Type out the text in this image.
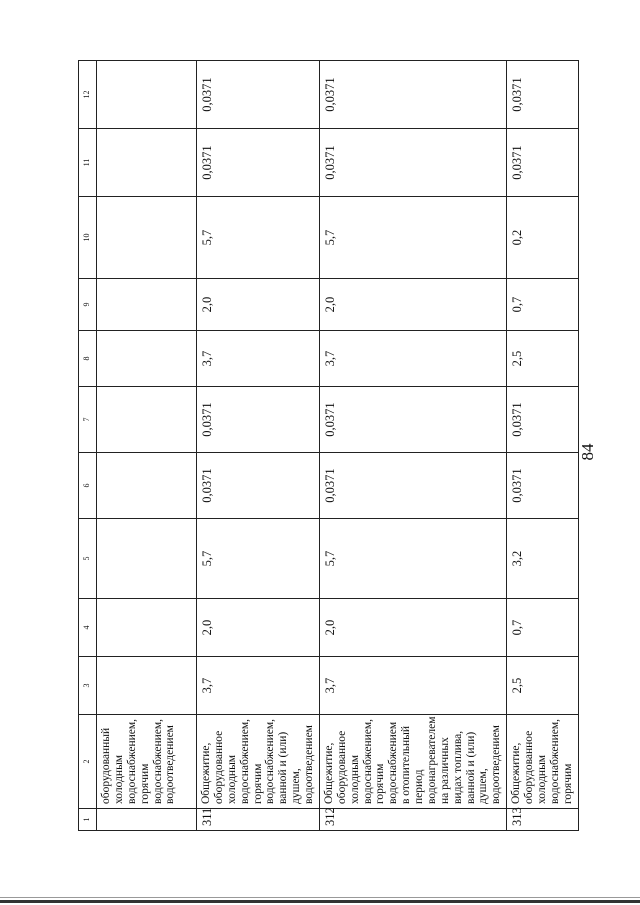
84
1	2	3	4	5	6	7	8	9	10	11	12
	оборудованный холодным водоснабжением, горячим водоснабжением, водоотведением										
311	Общежитие, оборудованное холодным водоснабжением, горячим водоснабжением, ванной и (или) душем, водоотведением	3,7	2,0	5,7	0,0371	0,0371	3,7	2,0	5,7	0,0371	0,0371
312	Общежитие, оборудованное холодным водоснабжением, горячим водоснабжением в отопительный период водонагревателем на различных видах топлива, ванной и (или) душем, водоотведением	3,7	2,0	5,7	0,0371	0,0371	3,7	2,0	5,7	0,0371	0,0371
313	Общежитие, оборудованное холодным водоснабжением, горячим	2,5	0,7	3,2	0,0371	0,0371	2,5	0,7	0,2	0,0371	0,0371
